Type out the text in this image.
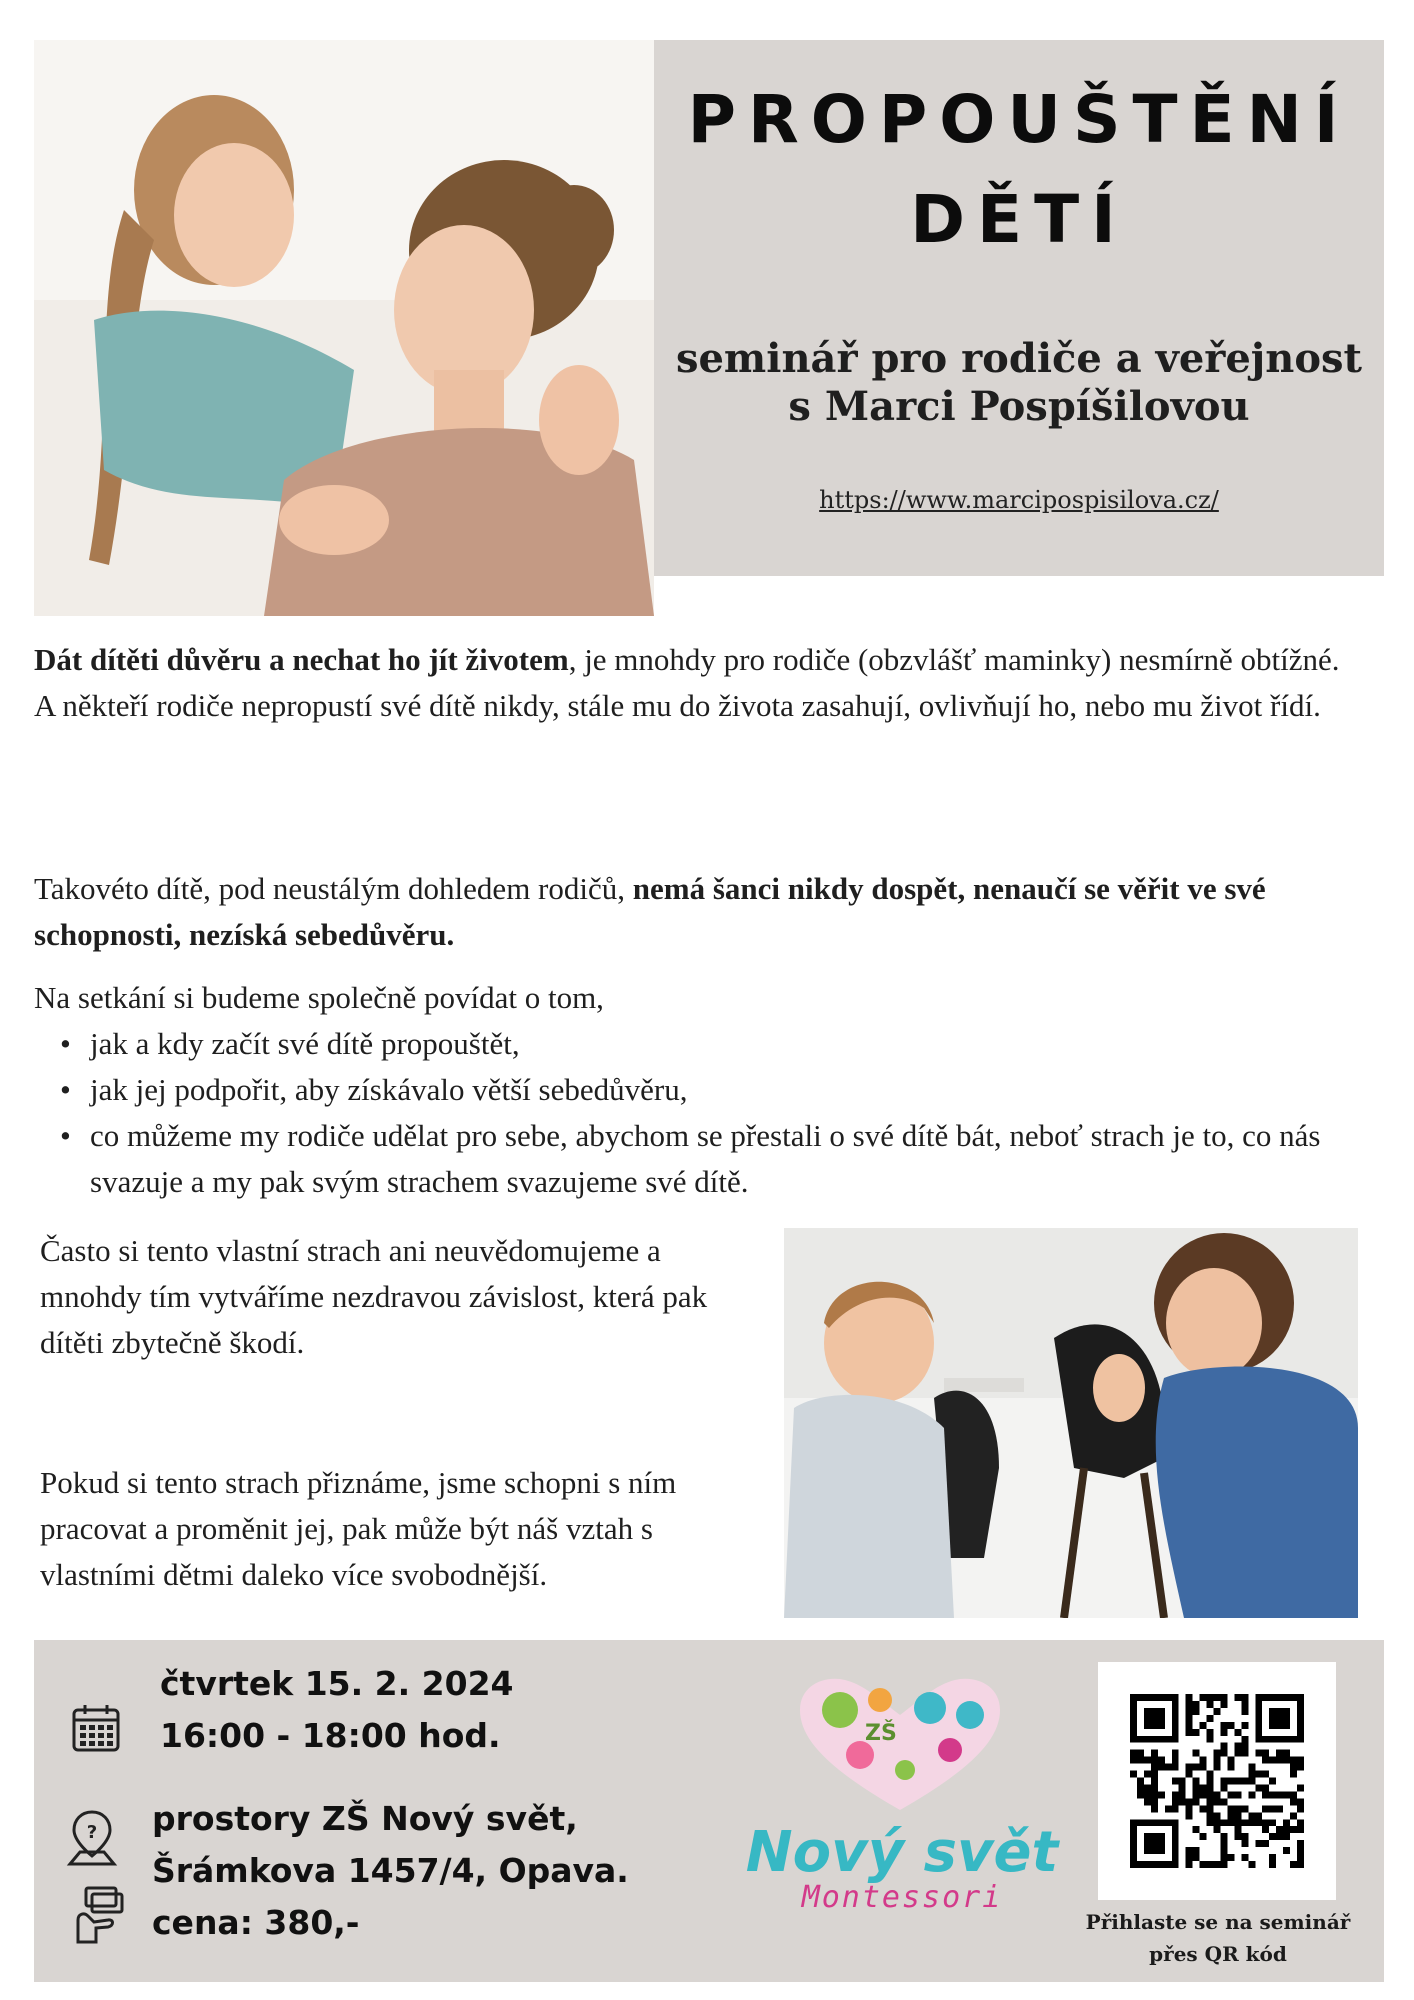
PROPOUŠTĚNÍ
DĚTÍ
seminář pro rodiče a veřejnost
s Marci Pospíšilovou
https://www.marcipospisilova.cz/
Dát dítěti důvěru a nechat ho jít životem, je mnohdy pro rodiče (obzvlášť maminky) nesmírně obtížné.
A někteří rodiče nepropustí své dítě nikdy, stále mu do života zasahují, ovlivňují ho, nebo mu život řídí.
Takovéto dítě, pod neustálým dohledem rodičů, nemá šanci nikdy dospět, nenaučí se věřit ve své schopnosti, nezíská sebedůvěru.
Na setkání si budeme společně povídat o tom,
• jak a kdy začít své dítě propouštět,
• jak jej podpořit, aby získávalo větší sebedůvěru,
• co můžeme my rodiče udělat pro sebe, abychom se přestali o své dítě bát, neboť strach je to, co nás svazuje a my pak svým strachem svazujeme své dítě.
Často si tento vlastní strach ani neuvědomujeme a mnohdy tím vytváříme nezdravou závislost, která pak dítěti zbytečně škodí.
Pokud si tento strach přiznáme, jsme schopni s ním pracovat a proměnit jej, pak může být náš vztah s vlastními dětmi daleko více svobodnější.
čtvrtek 15. 2. 2024
16:00 - 18:00 hod.
? prostory ZŠ Nový svět,
Šrámkova 1457/4, Opava.
cena: 380,-
ZŠ
Nový svět
Montessori
Přihlaste se na seminář
přes QR kód
